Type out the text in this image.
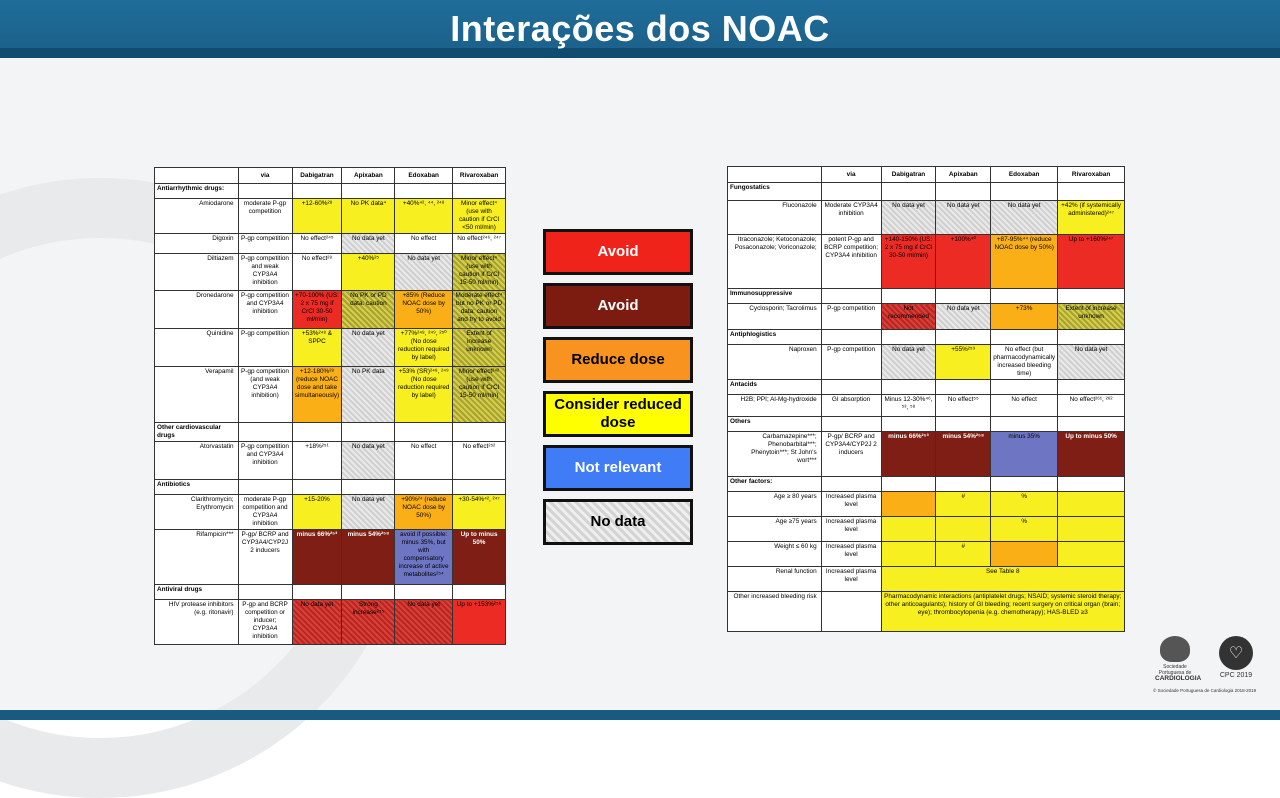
Interações dos NOAC
	via	Dabigatran	Apixaban	Edoxaban	Rivaroxaban
Antiarrhythmic drugs:					
Amiodarone	moderate P-gp competition	+12-60%²⁸	No PK data⁴	+40%⁴², ⁴⁴, ²⁴⁸	Minor effect⁴ (use with caution if CrCl <50 ml/min)
Digoxin	P-gp competition	No effect²⁴⁵	No data yet	No effect	No effect²⁴⁶, ²⁴⁷
Diltiazem	P-gp competition and weak CYP3A4 inhibition	No effect²⁸	+40%²⁵	No data yet	Minor effect⁴ (use with caution if CrCl 15-50 ml/min)
Dronedarone	P-gp competition and CYP3A4 inhibition	+70-100% (US: 2 x 75 mg if CrCl 30-50 ml/min)	No PK or PD data: caution	+85% (Reduce NOAC dose by 50%)	Moderate effect⁴ but no PK or PD data: caution and try to avoid
Quinidine	P-gp competition	+53%²⁴⁸ & SPPC	No data yet	+77%²⁴⁸, ²⁴⁹, ²⁵⁰ (No dose reduction required by label)	Extent of increase unknown
Verapamil	P-gp competition (and weak CYP3A4 inhibition)	+12-180%²⁸ (reduce NOAC dose and take simultaneously)	No PK data	+53% (SR)²⁴⁸, ²⁴⁹ (No dose reduction required by label)	Minor effect²⁴² (use with caution if CrCl 15-50 ml/min)
Other cardiovascular drugs					
Atorvastatin	P-gp competition and CYP3A4 inhibition	+18%²⁵¹	No data yet	No effect	No effect²⁵²
Antibiotics					
Clarithromycin; Erythromycin	moderate P-gp competition and CYP3A4 inhibition	+15-20%	No data yet	+90%²⁴ (reduce NOAC dose by 50%)	+30-54%⁴², ²⁴⁷
Rifampicin***	P-gp/ BCRP and CYP3A4/CYP2J 2 inducers	minus 66%²⁵³	minus 54%²⁵⁸	avoid if possible: minus 35%, but with compensatory increase of active metabolites²⁵⁴	Up to minus 50%
Antiviral drugs					
HIV protease inhibitors (e.g. ritonavir)	P-gp and BCRP competition or inducer; CYP3A4 inhibition	No data yet	Strong increase²⁵⁵	No data yet	Up to +153%²⁵⁶
	via	Dabigatran	Apixaban	Edoxaban	Rivaroxaban
Fungostatics					
Fluconazole	Moderate CYP3A4 inhibition	No data yet	No data yet	No data yet	+42% (if systemically administered)²⁴⁷
Itraconazole; Ketoconazole; Posaconazole; Voriconazole;	potent P-gp and BCRP competition; CYP3A4 inhibition	+140-150% (US: 2 x 75 mg if CrCl 30-50 ml/min)	+100%⁴⁰	+87-95%⁴⁴ (reduce NOAC dose by 50%)	Up to +160%²⁴⁷
Immunosuppressive					
Cyclosporin; Tacrolimus	P-gp competition	Not recommended	No data yet	+73%	Extent of increase unknown
Antiphlogistics					
Naproxen	P-gp competition	No data yet	+55%²⁵⁹	No effect (but pharmacodynamically increased bleeding time)	No data yet
Antacids					
H2B; PPI; Al-Mg-hydroxide	GI absorption	Minus 12-30%⁴⁶, ⁵³, ⁵⁸	No effect⁵⁵	No effect	No effect²⁶¹, ²⁶²
Others					
Carbamazepine***; Phenobarbital***; Phenytoin***; St John's wort***	P-gp/ BCRP and CYP3A4/CYP2J 2 inducers	minus 66%²⁵³	minus 54%²⁵⁸	minus 35%	Up to minus 50%
Other factors:					
Age ≥ 80 years	Increased plasma level		#	%	
Age ≥75 years	Increased plasma level			%	
Weight ≤ 60 kg	Increased plasma level		#		
Renal function	Increased plasma level	See Table 8			
Other increased bleeding risk		Pharmacodynamic interactions (antiplatelet drugs; NSAID; systemic steroid therapy; other anticoagulants); history of GI bleeding; recent surgery on critical organ (brain; eye); thrombocytopenia (e.g. chemotherapy); HAS-BLED ≥3			
Avoid
Avoid
Reduce dose
Consider reduced dose
Not relevant
No data
Sociedade Portuguesa de
CARDIOLOGIA
♡
CPC 2019
© Sociedade Portuguesa de Cardiologia 2018-2019
